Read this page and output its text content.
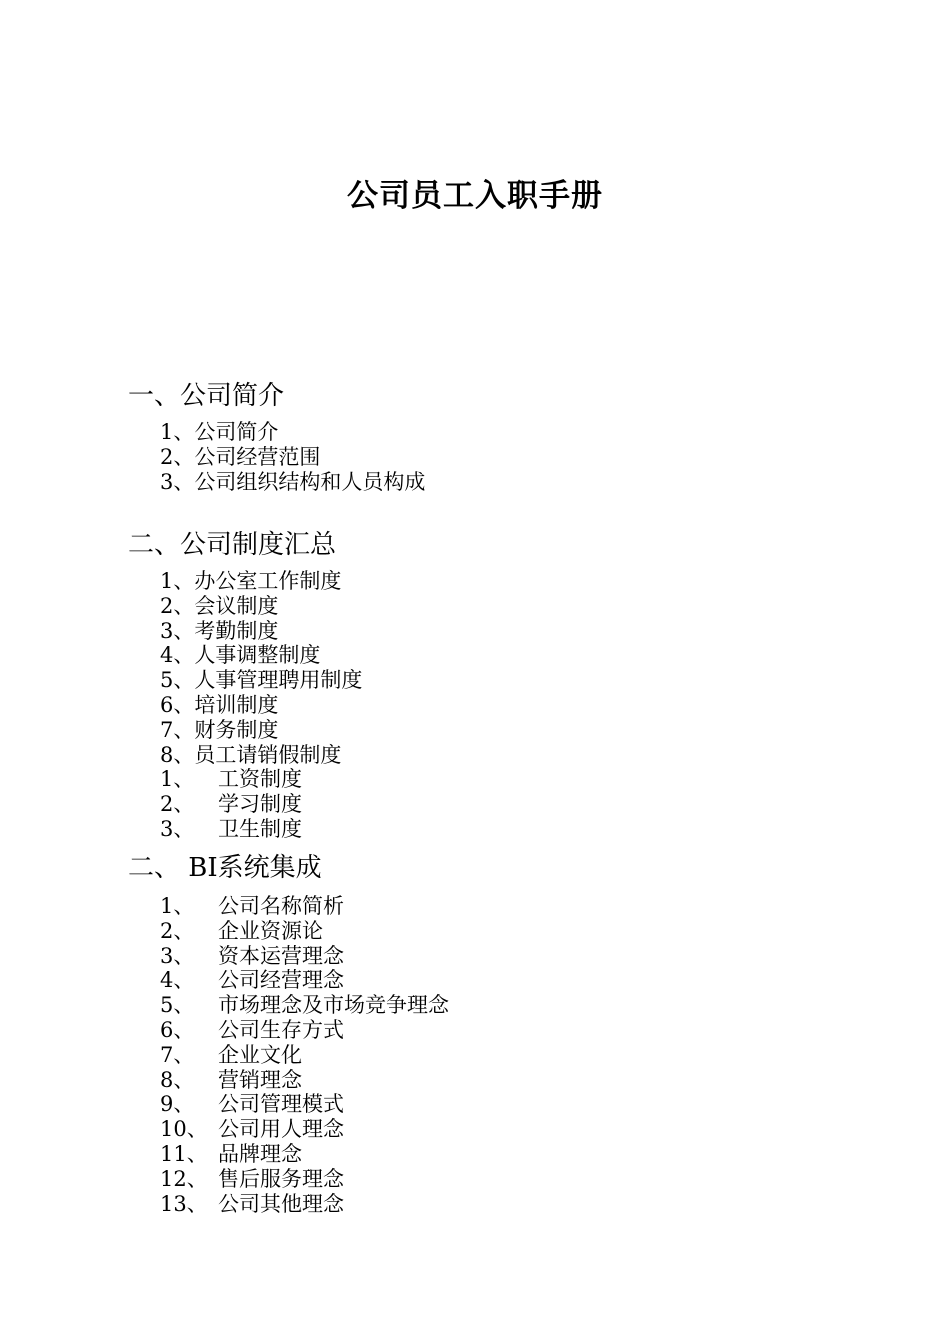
公司员工入职手册
一、公司简介
1、公司简介
2、公司经营范围
3、公司组织结构和人员构成
二、公司制度汇总
1、办公室工作制度
2、会议制度
3、考勤制度
4、人事调整制度
5、人事管理聘用制度
6、培训制度
7、财务制度
8、员工请销假制度
1、 工资制度
2、 学习制度
3、 卫生制度
二、 BI系统集成
1、 公司名称简析
2、 企业资源论
3、 资本运营理念
4、 公司经营理念
5、 市场理念及市场竞争理念
6、 公司生存方式
7、 企业文化
8、 营销理念
9、 公司管理模式
10、 公司用人理念
11、 品牌理念
12、 售后服务理念
13、 公司其他理念
